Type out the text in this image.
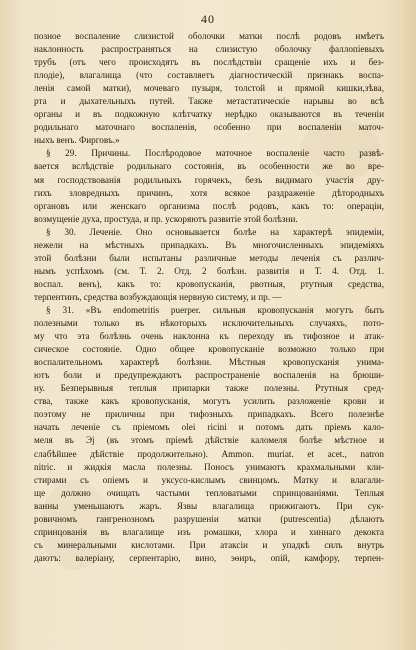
40
позное воспаление слизистой оболочки матки послѣ родовъ имѣетъ
наклонность распространяться на слизистую оболочку фаллопіевыхъ
трубъ (отъ чего происходятъ въ послѣдствіи сращеніе ихъ и без-
плодіе), влагалища (что составляетъ діагностическій признакъ воспа-
ленія самой матки), мочеваго пузыря, толстой и прямой кишки,зѣва,
рта и дыхательныхъ путей. Также метастатическіе нарывы во всѣ
органы и въ подкожную клѣтчатку нерѣдко оказываются въ теченіи
родильнаго маточнаго воспаленія, особенно при воспаленіи маточ-
ныхъ венъ. Фирговъ.»
§ 29. Причины. Послѣродовое маточное воспаленіе часто развѣ-
вается вслѣдствіе родильнаго состоянія, въ особенности же во вре-
мя господствованія родильныхъ горячекъ, безъ видимаго участія дру-
гихъ зловредныхъ причинъ, хотя всякое раздраженіе дѣтородныхъ
органовъ или женскаго организма послѣ родовъ, какъ то: операціи,
возмущеніе духа, простуда, и пр. ускоряютъ развитіе этой болѣзни.
§ 30. Леченіе. Оно основывается болѣе на характерѣ эпидеміи,
нежели на мѣстныхъ припадкахъ. Въ многочисленныхъ эпидеміяхъ
этой болѣзни были испытаны различные методы леченія съ различ-
нымъ успѣхомъ (см. Т. 2. Отд. 2 болѣзн. развитія и Т. 4. Отд. 1.
воспал. венъ), какъ то: кровопусканія, рвотныя, ртутныя средства,
терпентинъ, средства возбуждающія нервную систему, и пр. —
§ 31. «Въ endometritis puerper. сильныя кровопусканія могутъ быть
полезными только въ нѣкоторыхъ исключительныхъ случаяхъ, пото-
му что эта болѣзнь очень наклонна къ переходу въ тифозное и атак-
сическое состояніе. Одно общее кровопусканіе возможно только при
воспалительномъ характерѣ болѣзни. Мѣстныя кровопусканія унима-
ютъ боли и предупреждаютъ распространеніе воспаленія на брюши-
ну. Безперывныя теплыя припарки также полезны. Ртутныя сред-
ства, также какъ кровопусканія, могутъ усилить разложеніе крови и
поэтому не приличны при тифозныхъ припадкахъ. Всего полезнѣе
начать леченіе съ пріемомъ olei ricini и потомъ дать пріемъ кало-
меля въ Эj (въ этомъ пріемѣ дѣйствіе каломеля болѣе мѣстное и
слабѣйшее дѣйствіе продолжительно). Ammon. muriat. et acet., natron
nitric. и жидкія масла полезны. Поносъ унимаютъ крахмальными кли-
стирами съ опіемъ и уксусо-кислымъ свинцомъ. Матку и влагали-
ще должно очищать частыми тепловатыми спринцованіями. Теплыя
ванны уменьшаютъ жаръ. Язвы влагалища прижигаютъ. При сук-
ровичномъ гангренозномъ разрушеніи матки (putrescentia) дѣлаютъ
спринцованія въ влагалище изъ ромашки, хлора и хиннаго декокта
съ минеральными кислотами. При атаксіи и упадкѣ силъ внутрь
даютъ: валеріану, серпентарію, вино, эѳиръ, опій, камфору, терпен-
